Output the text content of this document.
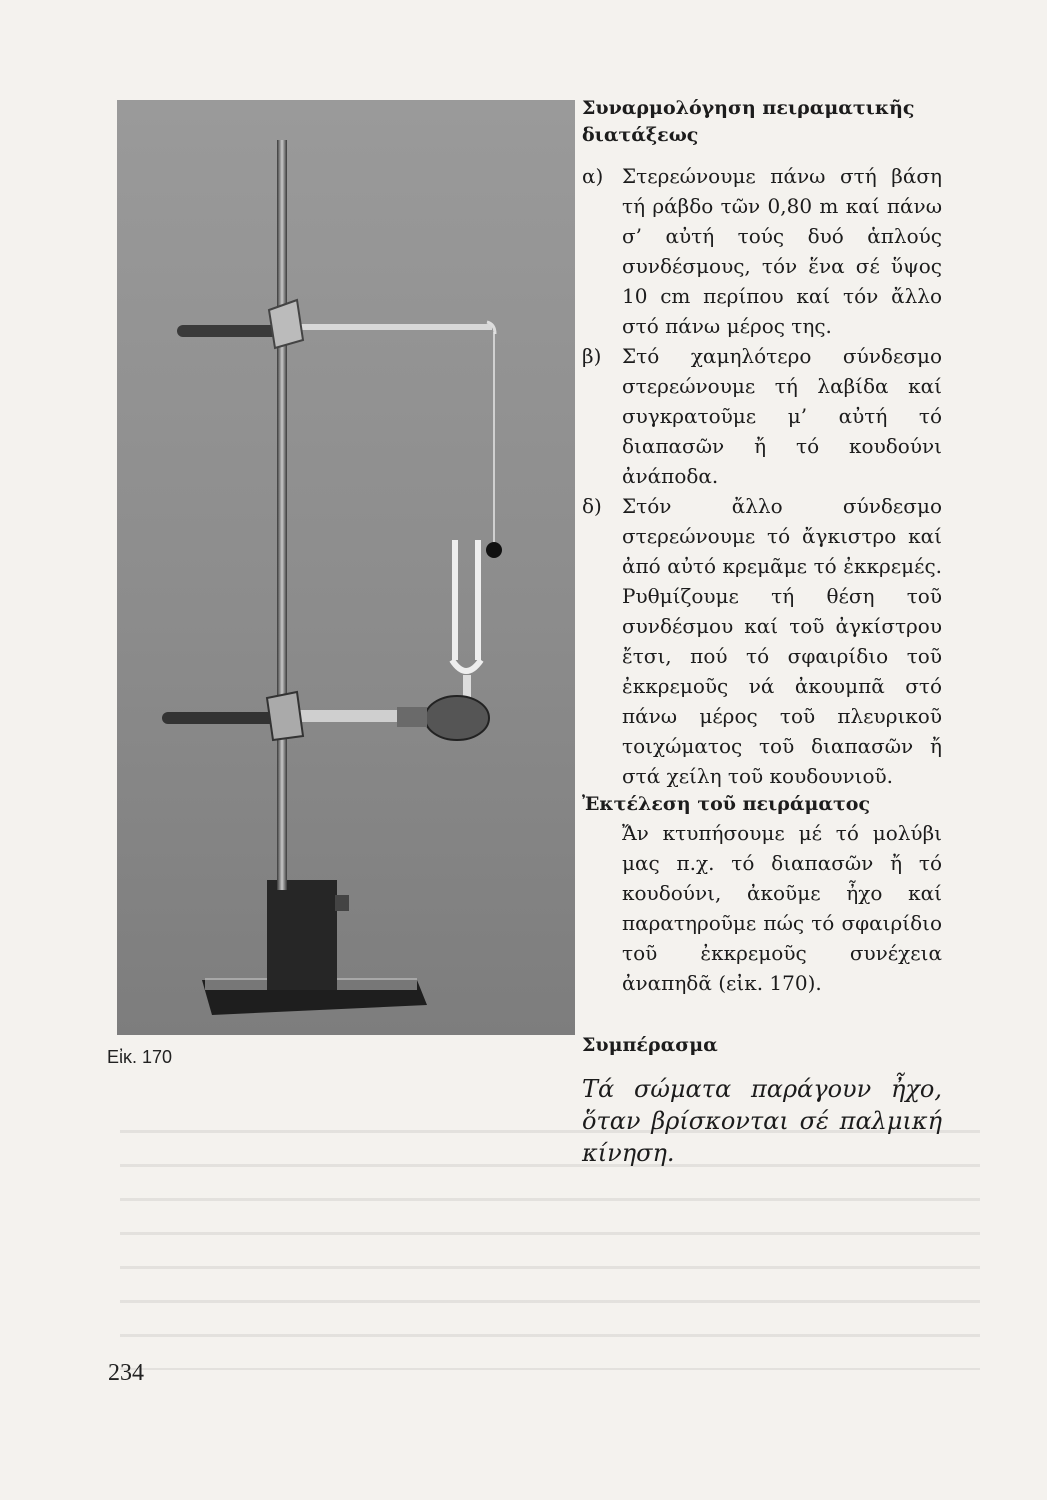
Εἰκ. 170
Συναρμολόγηση πειραματικῆς διατάξεως
α) Στερεώνουμε πάνω στή βάση τή ράβδο τῶν 0,80 m καί πάνω σ’ αὐτή τούς δυό ἁπλούς συνδέσμους, τόν ἕνα σέ ὕψος 10 cm περίπου καί τόν ἄλλο στό πάνω μέρος της.
β)	Στό χαμηλότερο σύνδεσμο στερεώνουμε τή λαβίδα καί συγκρατοῦμε μ’ αὐτή τό διαπασῶν ἤ τό κουδούνι ἀνάποδα.
δ)	Στόν ἄλλο σύνδεσμο στερεώνουμε τό ἄγκιστρο καί ἀπό αὐτό κρεμᾶμε τό ἐκκρεμές. Ρυθμίζουμε τή θέση τοῦ συνδέσμου καί τοῦ ἀγκίστρου ἔτσι, πού τό σφαιρίδιο τοῦ ἐκκρεμοῦς νά ἀκουμπᾶ στό πάνω μέρος τοῦ πλευρικοῦ τοιχώματος τοῦ διαπασῶν ἤ στά χείλη τοῦ κουδουνιοῦ.
Ἐκτέλεση τοῦ πειράματος
Ἄν κτυπήσουμε μέ τό μολύβι μας π.χ. τό διαπασῶν ἤ τό κουδούνι, ἀκοῦμε ἦχο καί παρατηροῦμε πώς τό σφαιρίδιο τοῦ ἐκκρεμοῦς συνέχεια ἀναπηδᾶ (εἰκ. 170).
Συμπέρασμα
Τά σώματα παράγουν ἦχο, ὅταν βρίσκονται σέ παλμική κίνηση.
234
